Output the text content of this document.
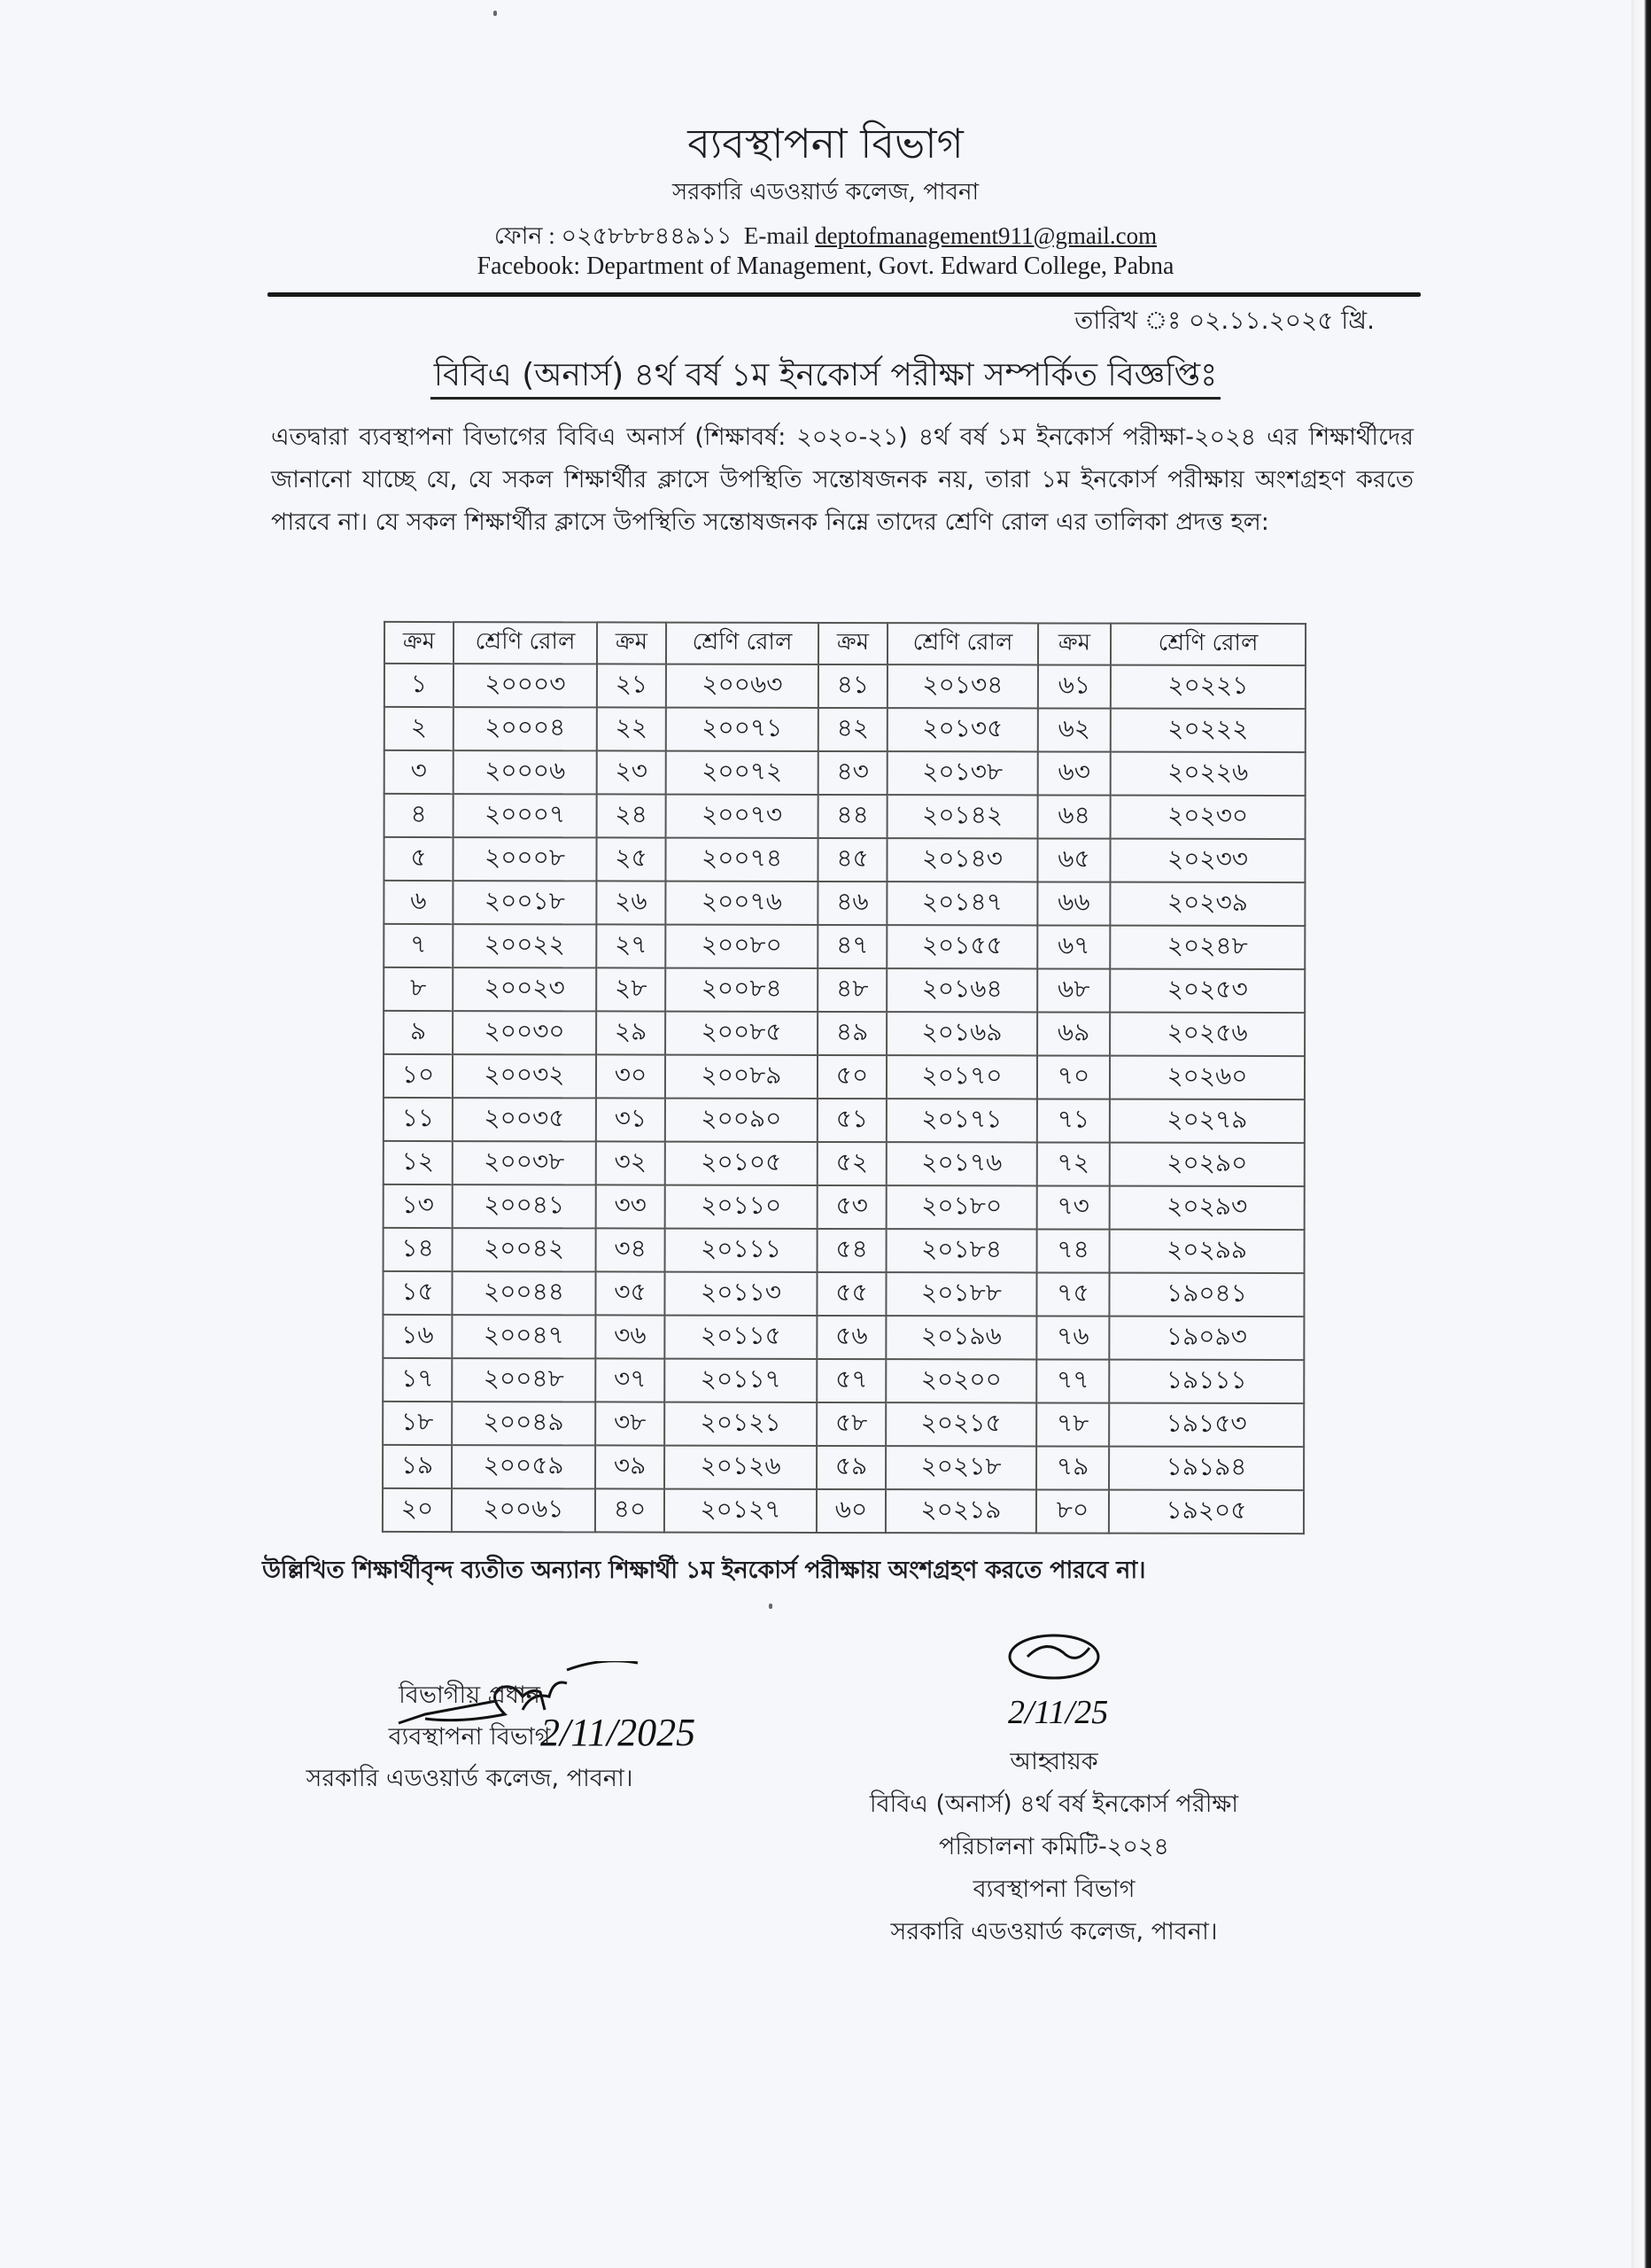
ব্যবস্থাপনা বিভাগ
সরকারি এডওয়ার্ড কলেজ, পাবনা
ফোন : ০২৫৮৮৮৪৪৯১১ E-mail deptofmanagement911@gmail.com
Facebook: Department of Management, Govt. Edward College, Pabna
তারিখ ঃ ০২.১১.২০২৫ খ্রি.
বিবিএ (অনার্স) ৪র্থ বর্ষ ১ম ইনকোর্স পরীক্ষা সম্পর্কিত বিজ্ঞপ্তিঃ
এতদ্বারা ব্যবস্থাপনা বিভাগের বিবিএ অনার্স (শিক্ষাবর্ষ: ২০২০-২১) ৪র্থ বর্ষ ১ম ইনকোর্স পরীক্ষা-২০২৪ এর শিক্ষার্থীদের জানানো যাচ্ছে যে, যে সকল শিক্ষার্থীর ক্লাসে উপস্থিতি সন্তোষজনক নয়, তারা ১ম ইনকোর্স পরীক্ষায় অংশগ্রহণ করতে পারবে না। যে সকল শিক্ষার্থীর ক্লাসে উপস্থিতি সন্তোষজনক নিম্নে তাদের শ্রেণি রোল এর তালিকা প্রদত্ত হল:
ক্রম	শ্রেণি রোল	ক্রম	শ্রেণি রোল	ক্রম	শ্রেণি রোল	ক্রম	শ্রেণি রোল
১	২০০০৩	২১	২০০৬৩	৪১	২০১৩৪	৬১	২০২২১
২	২০০০৪	২২	২০০৭১	৪২	২০১৩৫	৬২	২০২২২
৩	২০০০৬	২৩	২০০৭২	৪৩	২০১৩৮	৬৩	২০২২৬
৪	২০০০৭	২৪	২০০৭৩	৪৪	২০১৪২	৬৪	২০২৩০
৫	২০০০৮	২৫	২০০৭৪	৪৫	২০১৪৩	৬৫	২০২৩৩
৬	২০০১৮	২৬	২০০৭৬	৪৬	২০১৪৭	৬৬	২০২৩৯
৭	২০০২২	২৭	২০০৮০	৪৭	২০১৫৫	৬৭	২০২৪৮
৮	২০০২৩	২৮	২০০৮৪	৪৮	২০১৬৪	৬৮	২০২৫৩
৯	২০০৩০	২৯	২০০৮৫	৪৯	২০১৬৯	৬৯	২০২৫৬
১০	২০০৩২	৩০	২০০৮৯	৫০	২০১৭০	৭০	২০২৬০
১১	২০০৩৫	৩১	২০০৯০	৫১	২০১৭১	৭১	২০২৭৯
১২	২০০৩৮	৩২	২০১০৫	৫২	২০১৭৬	৭২	২০২৯০
১৩	২০০৪১	৩৩	২০১১০	৫৩	২০১৮০	৭৩	২০২৯৩
১৪	২০০৪২	৩৪	২০১১১	৫৪	২০১৮৪	৭৪	২০২৯৯
১৫	২০০৪৪	৩৫	২০১১৩	৫৫	২০১৮৮	৭৫	১৯০৪১
১৬	২০০৪৭	৩৬	২০১১৫	৫৬	২০১৯৬	৭৬	১৯০৯৩
১৭	২০০৪৮	৩৭	২০১১৭	৫৭	২০২০০	৭৭	১৯১১১
১৮	২০০৪৯	৩৮	২০১২১	৫৮	২০২১৫	৭৮	১৯১৫৩
১৯	২০০৫৯	৩৯	২০১২৬	৫৯	২০২১৮	৭৯	১৯১৯৪
২০	২০০৬১	৪০	২০১২৭	৬০	২০২১৯	৮০	১৯২০৫
উল্লিখিত শিক্ষার্থীবৃন্দ ব্যতীত অন্যান্য শিক্ষার্থী ১ম ইনকোর্স পরীক্ষায় অংশগ্রহণ করতে পারবে না।
2/11/2025
বিভাগীয় প্রধান
ব্যবস্থাপনা বিভাগ
সরকারি এডওয়ার্ড কলেজ, পাবনা।
2/11/25
আহ্বায়ক
বিবিএ (অনার্স) ৪র্থ বর্ষ ইনকোর্স পরীক্ষা
পরিচালনা কমিটি-২০২৪
ব্যবস্থাপনা বিভাগ
সরকারি এডওয়ার্ড কলেজ, পাবনা।
